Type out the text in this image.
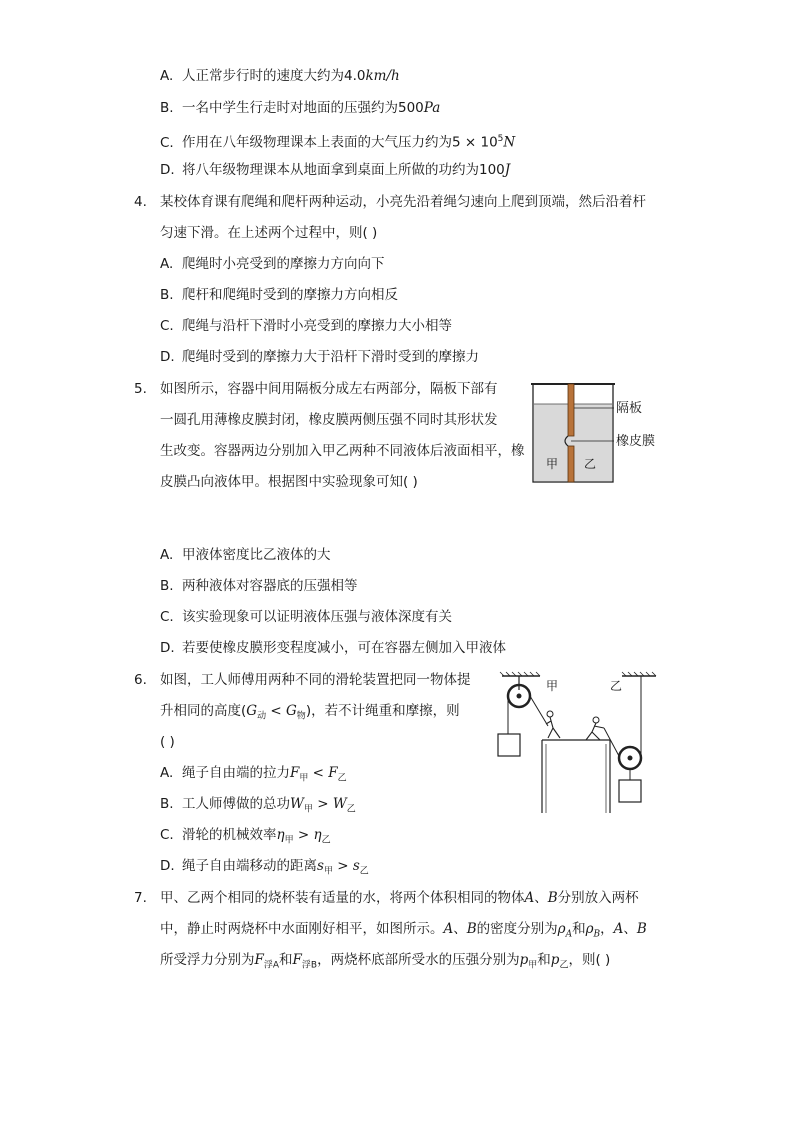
A. 人正常步行时的速度大约为4.0km/h
B. 一名中学生行走时对地面的压强约为500Pa
C. 作用在八年级物理课本上表面的大气压力约为$5 \times 10^5N$
D. 将八年级物理课本从地面拿到桌面上所做的功约为100J
4. 某校体育课有爬绳和爬杆两种运动，小亮先沿着绳匀速向上爬到顶端，然后沿着杆
匀速下滑。在上述两个过程中，则( )
A. 爬绳时小亮受到的摩擦力方向向下
B. 爬杆和爬绳时受到的摩擦力方向相反
C. 爬绳与沿杆下滑时小亮受到的摩擦力大小相等
D. 爬绳时受到的摩擦力大于沿杆下滑时受到的摩擦力
5. 如图所示，容器中间用隔板分成左右两部分，隔板下部有
一圆孔用薄橡皮膜封闭，橡皮膜两侧压强不同时其形状发
生改变。容器两边分别加入甲乙两种不同液体后液面相平，橡
皮膜凸向液体甲。根据图中实验现象可知( )
隔板
橡皮膜
甲 乙
A. 甲液体密度比乙液体的大
B. 两种液体对容器底的压强相等
C. 该实验现象可以证明液体压强与液体深度有关
D. 若要使橡皮膜形变程度减小，可在容器左侧加入甲液体
6. 如图，工人师傅用两种不同的滑轮装置把同一物体提
升相同的高度$(G_动 < G_物)$，若不计绳重和摩擦，则
( )
甲	乙
A. 绳子自由端的拉力$F_甲 < F_乙$
B. 工人师傅做的总功$W_甲 > W_乙$
C. 滑轮的机械效率$\eta_甲 > \eta_乙$
D. 绳子自由端移动的距离$s_甲 > s_乙$
7. 甲、乙两个相同的烧杯装有适量的水，将两个体积相同的物体A、B分别放入两杯
中，静止时两烧杯中水面刚好相平，如图所示。A、B的密度分别为$\rho_A$和$\rho_B$，A、B
所受浮力分别为$F_{浮A}$和$F_{浮B}$，两烧杯底部所受水的压强分别为$p_甲$和$p_乙$，则( )
